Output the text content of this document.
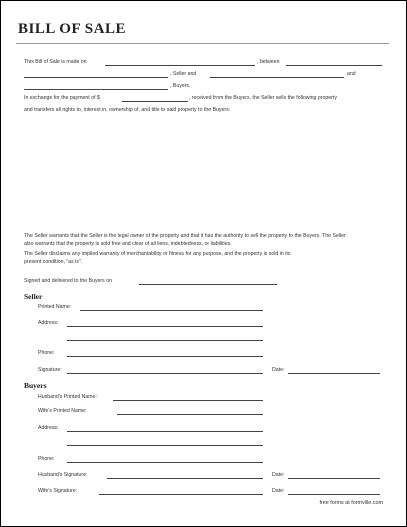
BILL OF SALE
This Bill of Sale is made on	, between
, Seller and	and
, Buyers.
In exchange for the payment of $	, received from the Buyers, the Seller sells the following property
and transfers all rights to, interest in, ownership of, and title to said property to the Buyers:

The Seller warrants that the Seller is the legal owner of the property and that it has the authority to sell the property to the Buyers. The Seller

also warrants that the property is sold free and clear of all liens, indebtedness, or liabilities.

The Seller disclaims any implied warranty of merchantability or fitness for any purpose, and the property is sold in its

present condition, "as is".

Signed and delivered to the Buyers on
Seller
Printed Name:
Address:
Phone:
Signature:	Date:
Buyers
Husband's Printed Name:
Wife's Printed Name:
Address:
Phone:
Husband's Signature:	Date:
Wife's Signature:	Date:
free forms at formville.com
